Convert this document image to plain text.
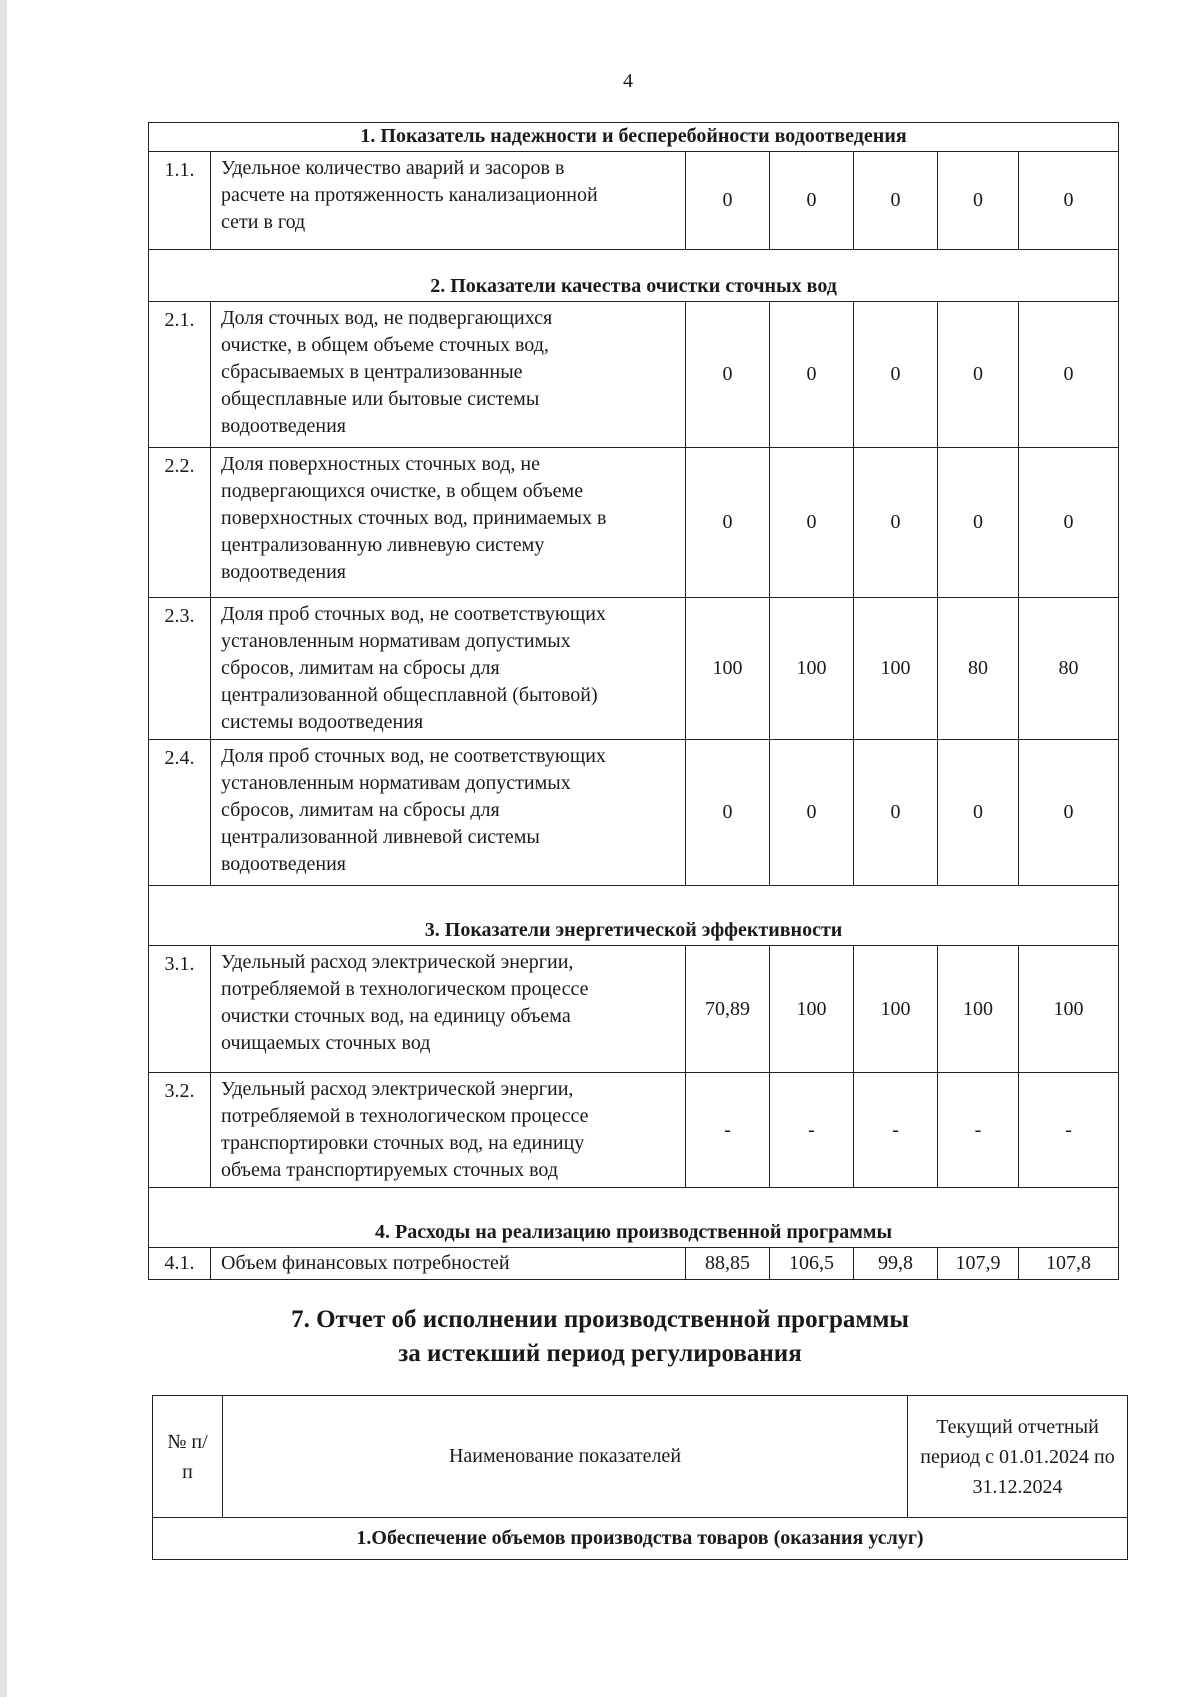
4
1. Показатель надежности и бесперебойности водоотведения						
1.1.	Удельное количество аварий и засоров в
расчете на протяженность канализационной
сети в год	0	0	0	0	0
2. Показатели качества очистки сточных вод						
2.1.	Доля сточных вод, не подвергающихся
очистке, в общем объеме сточных вод,
сбрасываемых в централизованные
общесплавные или бытовые системы
водоотведения	0	0	0	0	0
2.2.	Доля поверхностных сточных вод, не
подвергающихся очистке, в общем объеме
поверхностных сточных вод, принимаемых в
централизованную ливневую систему
водоотведения	0	0	0	0	0
2.3.	Доля проб сточных вод, не соответствующих
установленным нормативам допустимых
сбросов, лимитам на сбросы для
централизованной общесплавной (бытовой)
системы водоотведения	100	100	100	80	80
2.4.	Доля проб сточных вод, не соответствующих
установленным нормативам допустимых
сбросов, лимитам на сбросы для
централизованной ливневой системы
водоотведения	0	0	0	0	0
3. Показатели энергетической эффективности						
3.1.	Удельный расход электрической энергии,
потребляемой в технологическом процессе
очистки сточных вод, на единицу объема
очищаемых сточных вод	70,89	100	100	100	100
3.2.	Удельный расход электрической энергии,
потребляемой в технологическом процессе
транспортировки сточных вод, на единицу
объема транспортируемых сточных вод	-	-	-	-	-
4. Расходы на реализацию производственной программы						
4.1.	Объем финансовых потребностей	88,85	106,5	99,8	107,9	107,8
7. Отчет об исполнении производственной программы
за истекший период регулирования
№ п/п	Наименование показателей	Текущий отчетный период с 01.01.2024 по 31.12.2024
1.Обеспечение объемов производства товаров (оказания услуг)
